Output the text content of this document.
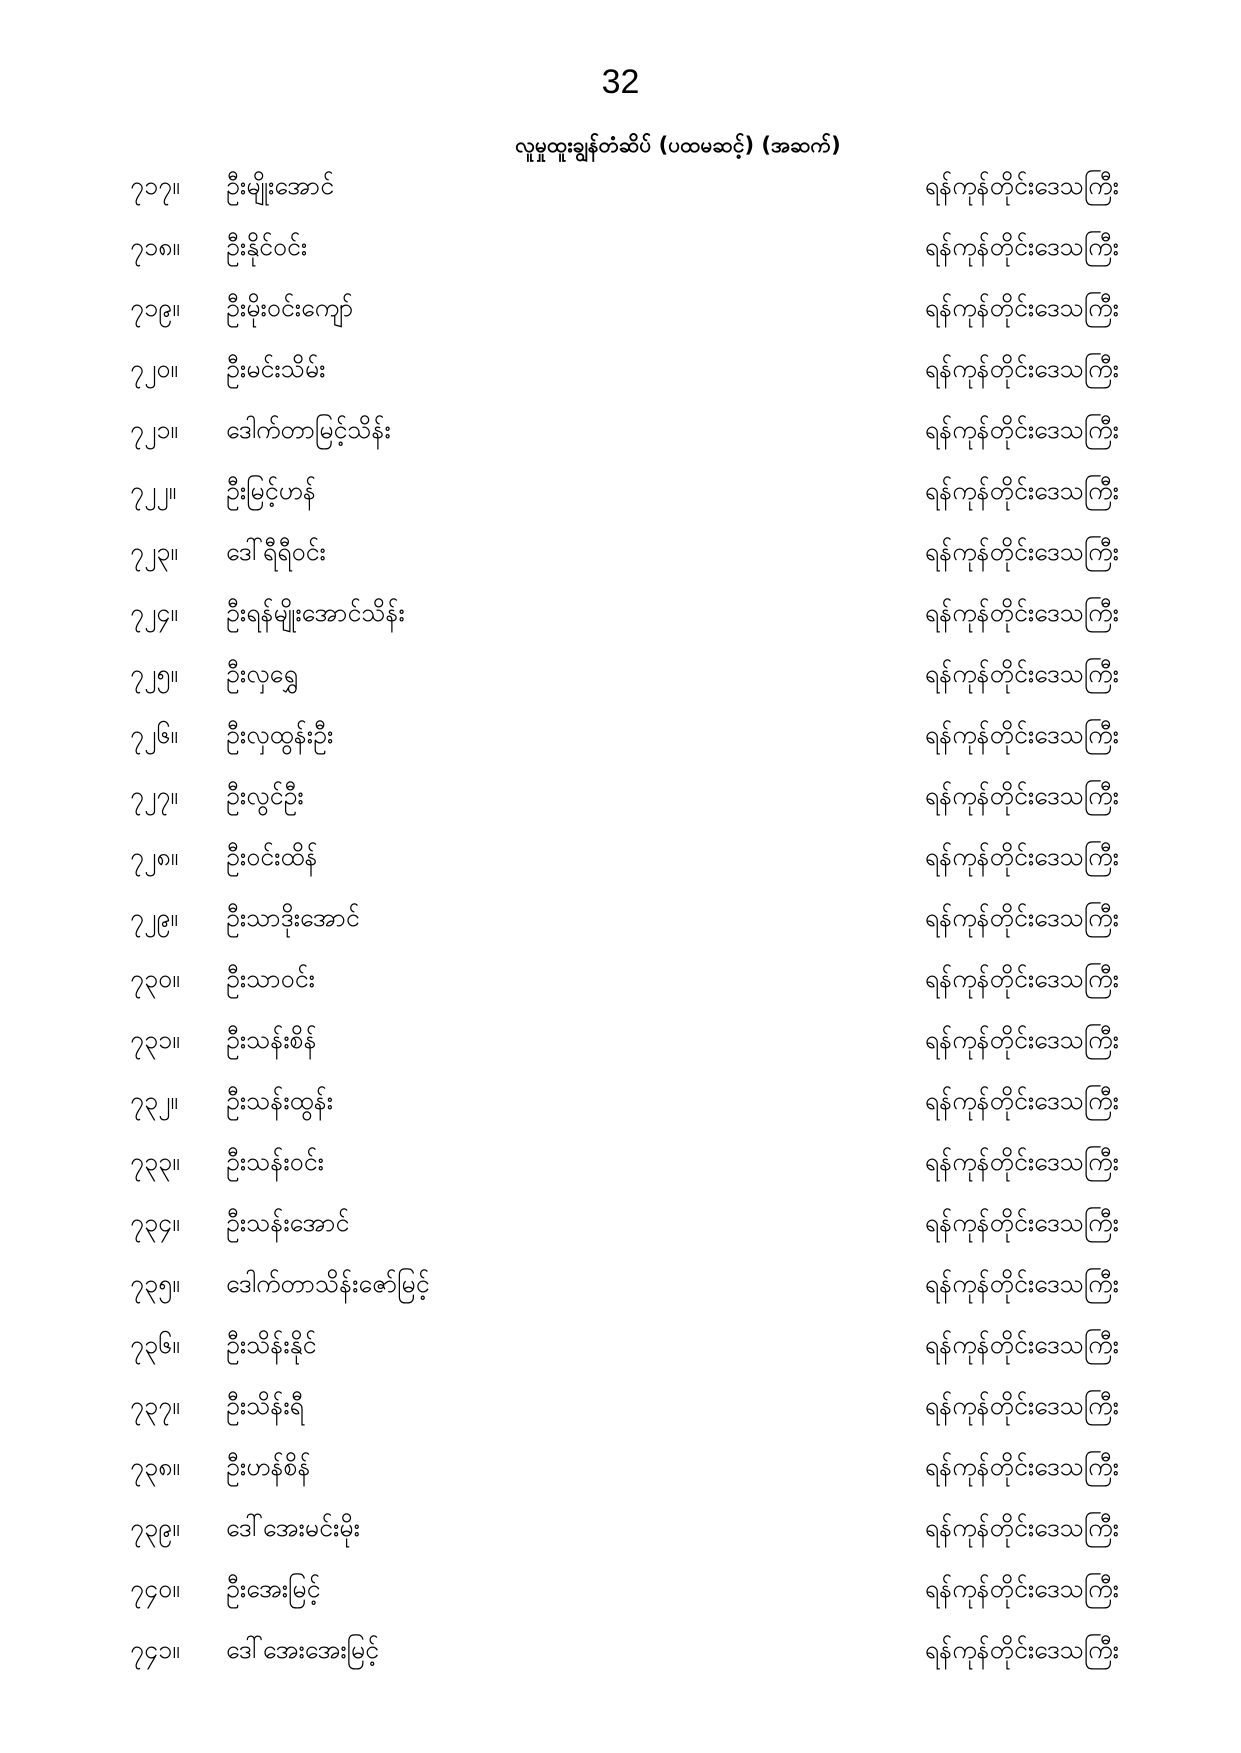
32
လူမှုထူးချွန်တံဆိပ် (ပထမဆင့်) (အဆက်)
၇၁၇။ ဦးမျိုးအောင်	ရန်ကုန်တိုင်းဒေသကြီး
၇၁၈။ ဦးနိုင်ဝင်း	ရန်ကုန်တိုင်းဒေသကြီး
၇၁၉။ ဦးမိုးဝင်းကျော်	ရန်ကုန်တိုင်းဒေသကြီး
၇၂၀။ ဦးမင်းသိမ်း	ရန်ကုန်တိုင်းဒေသကြီး
၇၂၁။ ဒေါက်တာမြင့်သိန်း	ရန်ကုန်တိုင်းဒေသကြီး
၇၂၂။ ဦးမြင့်ဟန်	ရန်ကုန်တိုင်းဒေသကြီး
၇၂၃။ ဒေါ်ရီရီဝင်း	ရန်ကုန်တိုင်းဒေသကြီး
၇၂၄။ ဦးရန်မျိုးအောင်သိန်း	ရန်ကုန်တိုင်းဒေသကြီး
၇၂၅။ ဦးလှရွှေ	ရန်ကုန်တိုင်းဒေသကြီး
၇၂၆။ ဦးလှထွန်းဦး	ရန်ကုန်တိုင်းဒေသကြီး
၇၂၇။ ဦးလွင်ဦး	ရန်ကုန်တိုင်းဒေသကြီး
၇၂၈။ ဦးဝင်းထိန်	ရန်ကုန်တိုင်းဒေသကြီး
၇၂၉။ ဦးသာဒိုးအောင်	ရန်ကုန်တိုင်းဒေသကြီး
၇၃၀။ ဦးသာဝင်း	ရန်ကုန်တိုင်းဒေသကြီး
၇၃၁။ ဦးသန်းစိန်	ရန်ကုန်တိုင်းဒေသကြီး
၇၃၂။ ဦးသန်းထွန်း	ရန်ကုန်တိုင်းဒေသကြီး
၇၃၃။ ဦးသန်းဝင်း	ရန်ကုန်တိုင်းဒေသကြီး
၇၃၄။ ဦးသန်းအောင်	ရန်ကုန်တိုင်းဒေသကြီး
၇၃၅။ ဒေါက်တာသိန်းဇော်မြင့်	ရန်ကုန်တိုင်းဒေသကြီး
၇၃၆။ ဦးသိန်းနိုင်	ရန်ကုန်တိုင်းဒေသကြီး
၇၃၇။ ဦးသိန်းရီ	ရန်ကုန်တိုင်းဒေသကြီး
၇၃၈။ ဦးဟန်စိန်	ရန်ကုန်တိုင်းဒေသကြီး
၇၃၉။ ဒေါ်အေးမင်းမိုး	ရန်ကုန်တိုင်းဒေသကြီး
၇၄၀။ ဦးအေးမြင့်	ရန်ကုန်တိုင်းဒေသကြီး
၇၄၁။ ဒေါ်အေးအေးမြင့်	ရန်ကုန်တိုင်းဒေသကြီး
